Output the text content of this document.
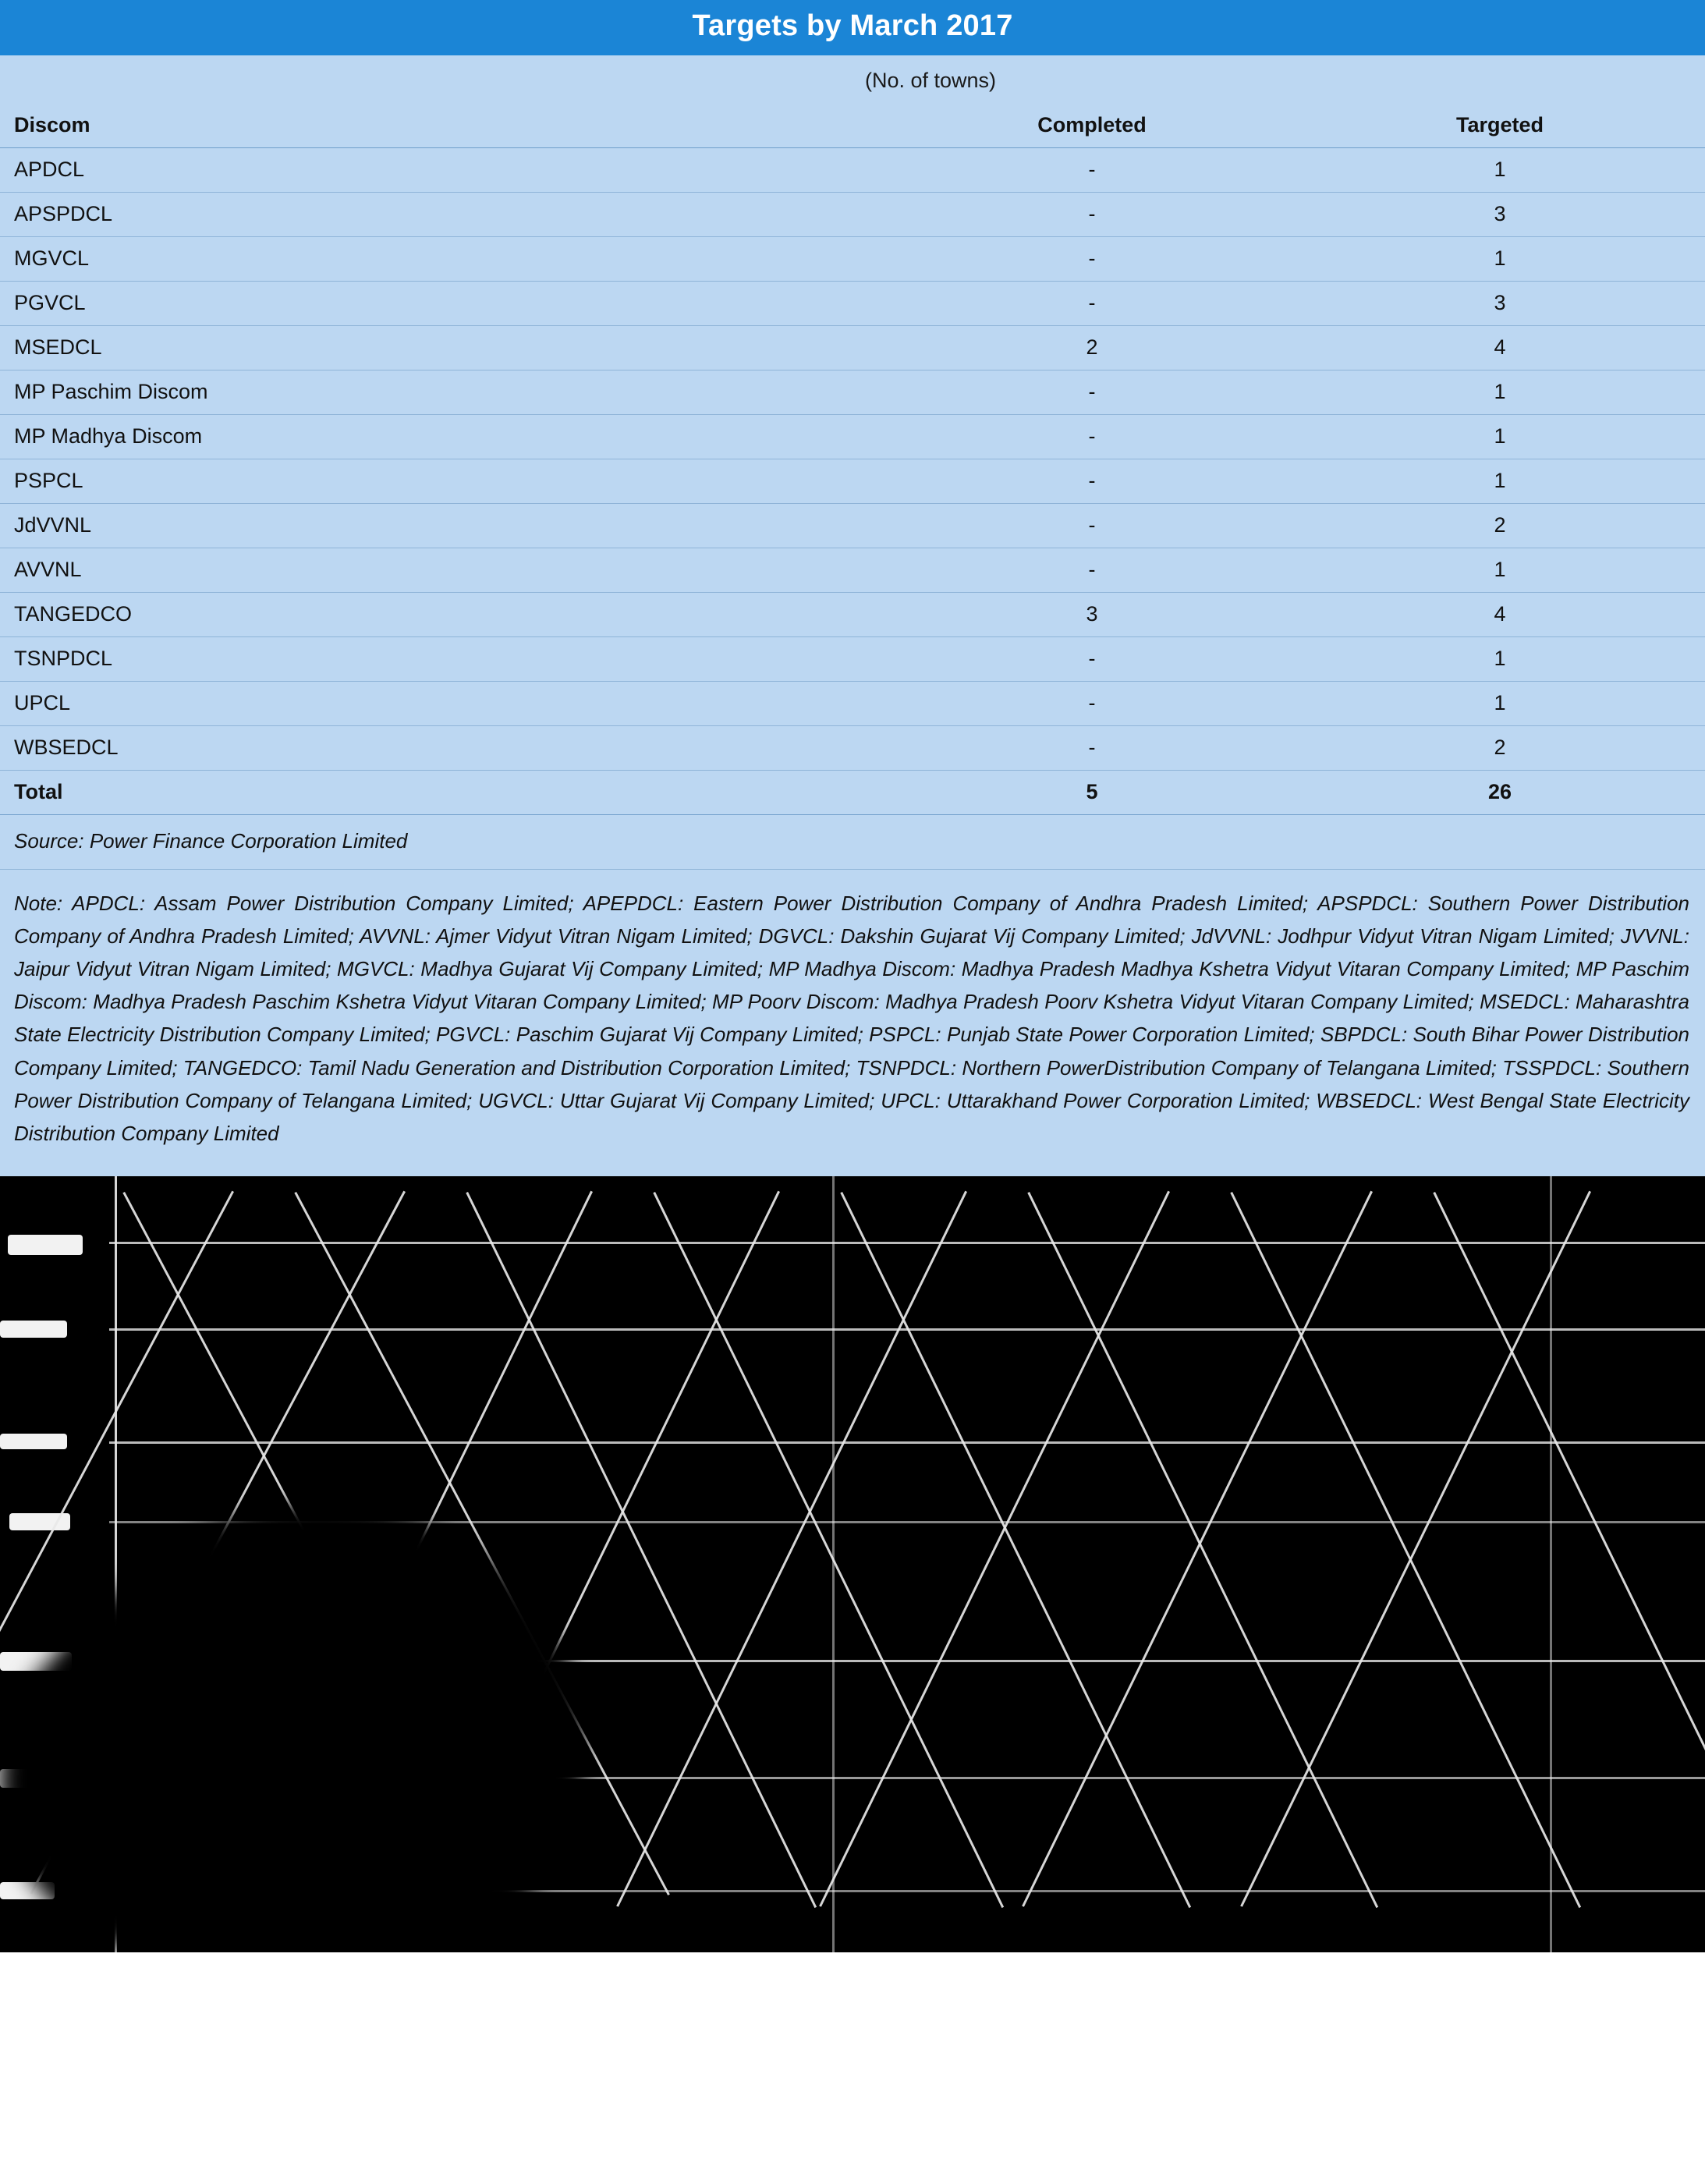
Targets by March 2017
(No. of towns)
Discom	Completed	Targeted
APDCL	-	1
APSPDCL	-	3
MGVCL	-	1
PGVCL	-	3
MSEDCL	2	4
MP Paschim Discom	-	1
MP Madhya Discom	-	1
PSPCL	-	1
JdVVNL	-	2
AVVNL	-	1
TANGEDCO	3	4
TSNPDCL	-	1
UPCL	-	1
WBSEDCL	-	2
Total	5	26
Source: Power Finance Corporation Limited
Note: APDCL: Assam Power Distribution Company Limited; APEPDCL: Eastern Power Distribution Company of Andhra Pradesh Limited; APSPDCL: Southern Power Distribution Company of Andhra Pradesh Limited; AVVNL: Ajmer Vidyut Vitran Nigam Limited; DGVCL: Dakshin Gujarat Vij Company Limited; JdVVNL: Jodhpur Vidyut Vitran Nigam Limited; JVVNL: Jaipur Vidyut Vitran Nigam Limited; MGVCL: Madhya Gujarat Vij Company Limited; MP Madhya Discom: Madhya Pradesh Madhya Kshetra Vidyut Vitaran Company Limited; MP Paschim Discom: Madhya Pradesh Paschim Kshetra Vidyut Vitaran Company Limited; MP Poorv Discom: Madhya Pradesh Poorv Kshetra Vidyut Vitaran Company Limited; MSEDCL: Maharashtra State Electricity Distribution Company Limited; PGVCL: Paschim Gujarat Vij Company Limited; PSPCL: Punjab State Power Corporation Limited; SBPDCL: South Bihar Power Distribution Company Limited; TANGEDCO: Tamil Nadu Generation and Distribution Corporation Limited; TSNPDCL: Northern PowerDistribution Company of Telangana Limited; TSSPDCL: Southern Power Distribution Company of Telangana Limited; UGVCL: Uttar Gujarat Vij Company Limited; UPCL: Uttarakhand Power Corporation Limited; WBSEDCL: West Bengal State Electricity Distribution Company Limited
